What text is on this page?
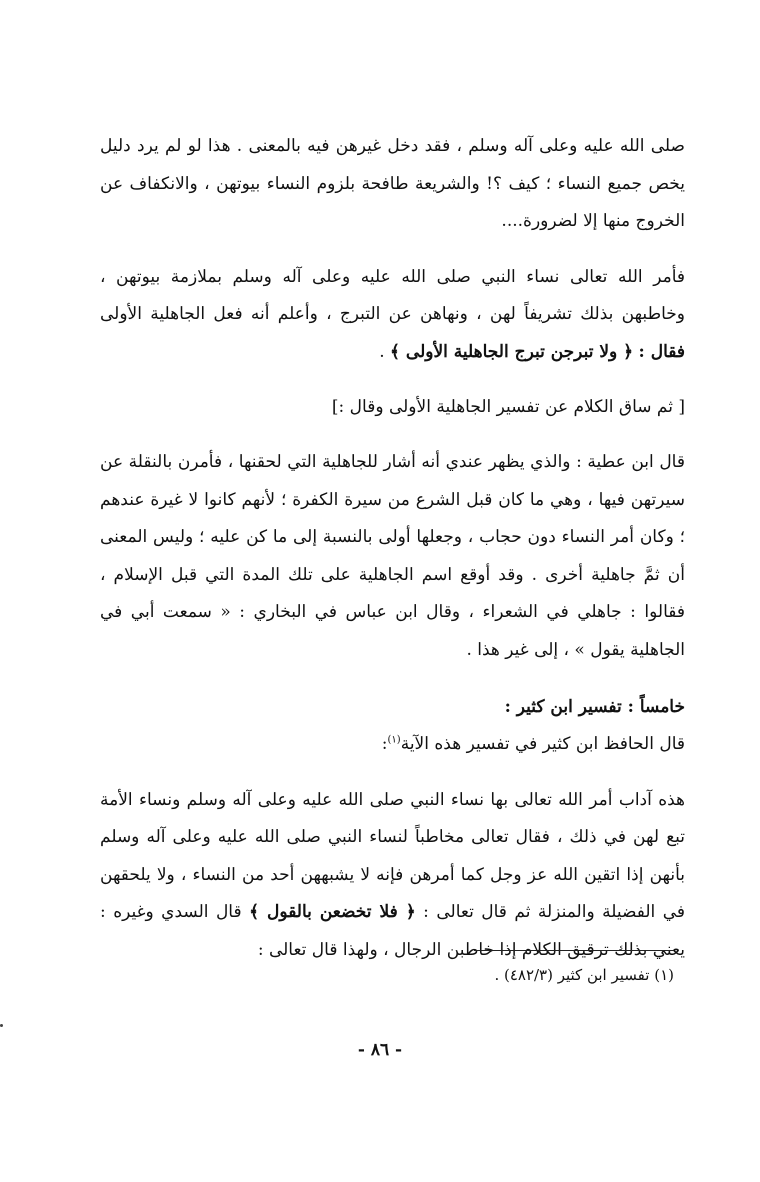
صلى الله عليه وعلى آله وسلم ، فقد دخل غيرهن فيه بالمعنى . هذا لو لم يرد دليل يخص جميع النساء ؛ كيف ؟! والشريعة طافحة بلزوم النساء بيوتهن ، والانكفاف عن الخروج منها إلا لضرورة....

فأمر الله تعالى نساء النبي صلى الله عليه وعلى آله وسلم بملازمة بيوتهن ، وخاطبهن بذلك تشريفاً لهن ، ونهاهن عن التبرج ، وأعلم أنه فعل الجاهلية الأولى فقال : ﴿ ولا تبرجن تبرج الجاهلية الأولى ﴾ .

[ ثم ساق الكلام عن تفسير الجاهلية الأولى وقال :]

قال ابن عطية : والذي يظهر عندي أنه أشار للجاهلية التي لحقنها ، فأمرن بالنقلة عن سيرتهن فيها ، وهي ما كان قبل الشرع من سيرة الكفرة ؛ لأنهم كانوا لا غيرة عندهم ؛ وكان أمر النساء دون حجاب ، وجعلها أولى بالنسبة إلى ما كن عليه ؛ وليس المعنى أن ثمَّ جاهلية أخرى . وقد أوقع اسم الجاهلية على تلك المدة التي قبل الإسلام ، فقالوا : جاهلي في الشعراء ، وقال ابن عباس في البخاري : « سمعت أبي في الجاهلية يقول » ، إلى غير هذا .

خامساً : تفسير ابن كثير :

قال الحافظ ابن كثير في تفسير هذه الآية$^{(١)}$:

هذه آداب أمر الله تعالى بها نساء النبي صلى الله عليه وعلى آله وسلم ونساء الأمة تبع لهن في ذلك ، فقال تعالى مخاطباً لنساء النبي صلى الله عليه وعلى آله وسلم بأنهن إذا اتقين الله عز وجل كما أمرهن فإنه لا يشبههن أحد من النساء ، ولا يلحقهن في الفضيلة والمنزلة ثم قال تعالى : ﴿ فلا تخضعن بالقول ﴾ قال السدي وغيره : يعني بذلك ترقيق الكلام إذا خاطبن الرجال ، ولهذا قال تعالى :

(١) تفسير ابن كثير (٤٨٢/٣) .
- ٨٦ -
